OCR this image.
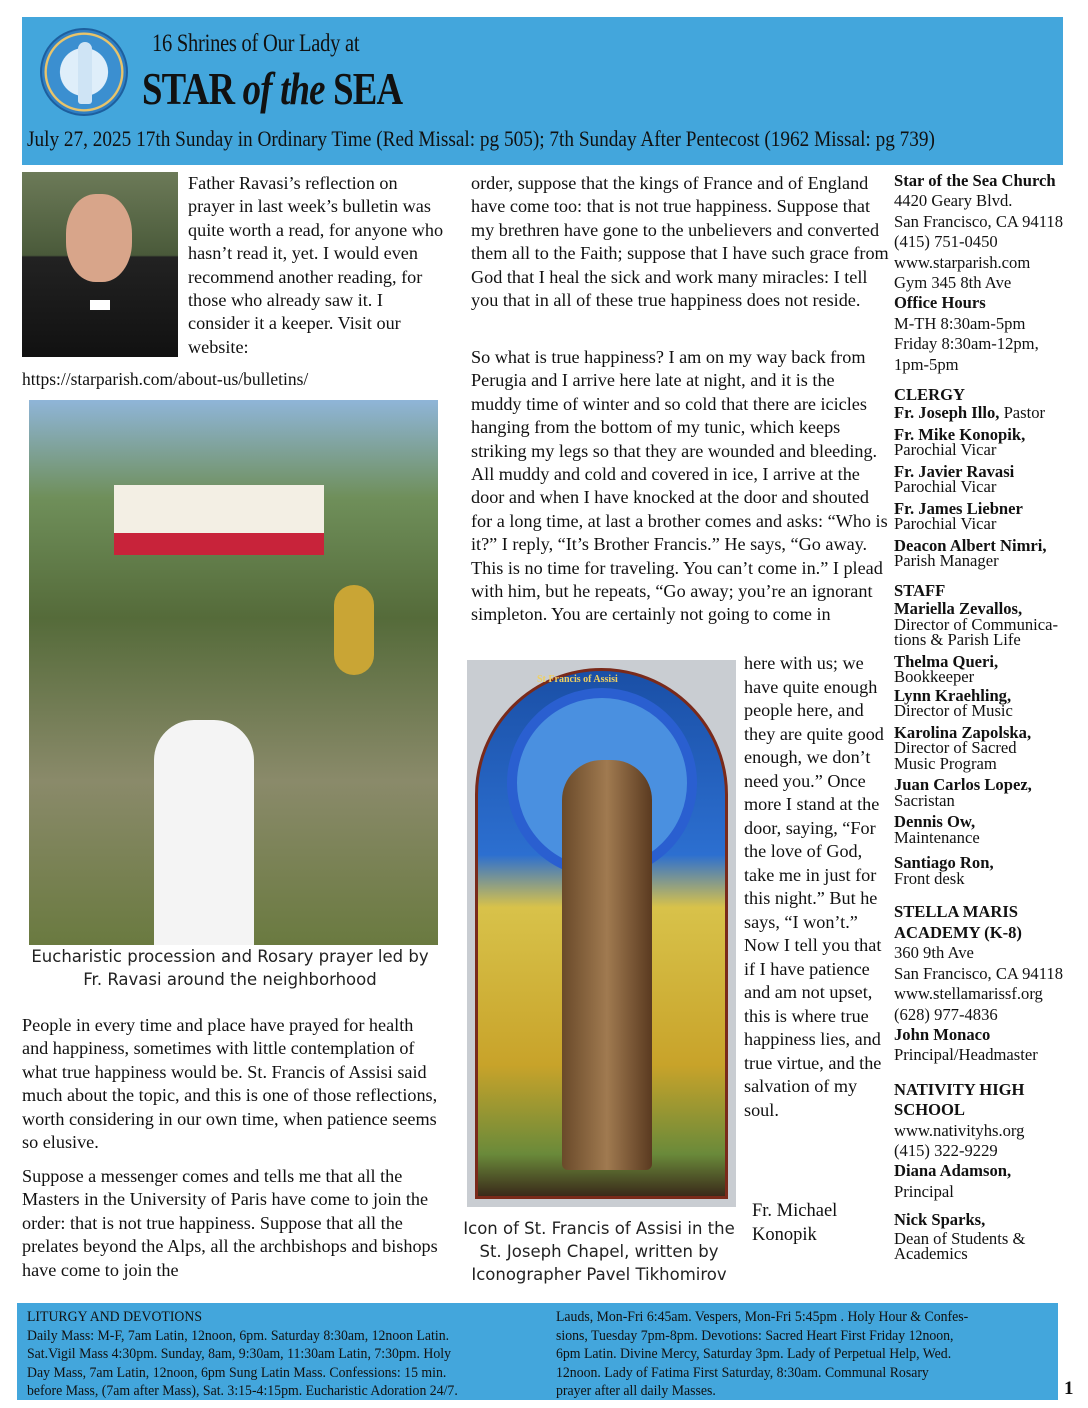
16 Shrines of Our Lady at
STAR of the SEA
July 27, 2025 17th Sunday in Ordinary Time (Red Missal: pg 505); 7th Sunday After Pentecost (1962 Missal: pg 739)
Father Ravasi’s reflection on prayer in last week’s bulletin was quite worth a read, for anyone who hasn’t read it, yet. I would even recommend another reading, for those who already saw it. I consider it a keeper. Visit our website:
https://starparish.com/about-us/bulletins/
Eucharistic procession and Rosary prayer led by Fr. Ravasi around the neighborhood
People in every time and place have prayed for health and happiness, sometimes with little contemplation of what true happiness would be. St. Francis of Assisi said much about the topic, and this is one of those reflections, worth considering in our own time, when patience seems so elusive.
Suppose a messenger comes and tells me that all the Masters in the University of Paris have come to join the order: that is not true happiness. Suppose that all the prelates beyond the Alps, all the archbishops and bishops have come to join the
order, suppose that the kings of France and of England have come too: that is not true happiness. Suppose that my brethren have gone to the unbelievers and converted them all to the Faith; suppose that I have such grace from God that I heal the sick and work many miracles: I tell you that in all of these true happiness does not reside.
So what is true happiness? I am on my way back from Perugia and I arrive here late at night, and it is the muddy time of winter and so cold that there are icicles hanging from the bottom of my tunic, which keeps striking my legs so that they are wounded and bleeding. All muddy and cold and covered in ice, I arrive at the door and when I have knocked at the door and shouted for a long time, at last a brother comes and asks: “Who is it?” I reply, “It’s Brother Francis.” He says, “Go away. This is no time for traveling. You can’t come in.” I plead with him, but he repeats, “Go away; you’re an ignorant simpleton. You are certainly not going to come in
St Francis of Assisi
Icon of St. Francis of Assisi in the St. Joseph Chapel, written by Iconographer Pavel Tikhomirov
here with us; we have quite enough people here, and they are quite good enough, we don’t need you.” Once more I stand at the door, saying, “For the love of God, take me in just for this night.” But he says, “I won’t.” Now I tell you that if I have patience and am not upset, this is where true happiness lies, and true virtue, and the salvation of my soul.
Fr. Michael Konopik
Star of the Sea Church
4420 Geary Blvd.
San Francisco, CA 94118
(415) 751-0450
www.starparish.com
Gym 345 8th Ave
Office Hours
M-TH 8:30am-5pm
Friday 8:30am-12pm,
1pm-5pm
CLERGY
Fr. Joseph Illo, Pastor
Fr. Mike Konopik,
Parochial Vicar
Fr. Javier Ravasi
Parochial Vicar
Fr. James Liebner
Parochial Vicar
Deacon Albert Nimri,
Parish Manager
STAFF
Mariella Zevallos,
Director of Communica-
tions & Parish Life
Thelma Queri,
Bookkeeper
Lynn Kraehling,
Director of Music
Karolina Zapolska,
Director of Sacred
Music Program
Juan Carlos Lopez,
Sacristan
Dennis Ow,
Maintenance
Santiago Ron,
Front desk
STELLA MARIS
ACADEMY (K-8)
360 9th Ave
San Francisco, CA 94118
www.stellamarissf.org
(628) 977-4836
John Monaco
Principal/Headmaster
NATIVITY HIGH
SCHOOL
www.nativityhs.org
(415) 322-9229
Diana Adamson,
Principal
Nick Sparks,
Dean of Students &
Academics
LITURGY AND DEVOTIONS
Daily Mass: M-F, 7am Latin, 12noon, 6pm. Saturday 8:30am, 12noon Latin.
Sat.Vigil Mass 4:30pm. Sunday, 8am, 9:30am, 11:30am Latin, 7:30pm. Holy
Day Mass, 7am Latin, 12noon, 6pm Sung Latin Mass. Confessions: 15 min.
before Mass, (7am after Mass), Sat. 3:15-4:15pm. Eucharistic Adoration 24/7.
Lauds, Mon-Fri 6:45am. Vespers, Mon-Fri 5:45pm . Holy Hour & Confes-
sions, Tuesday 7pm-8pm. Devotions: Sacred Heart First Friday 12noon,
6pm Latin. Divine Mercy, Saturday 3pm. Lady of Perpetual Help, Wed.
12noon. Lady of Fatima First Saturday, 8:30am. Communal Rosary
prayer after all daily Masses.	1
